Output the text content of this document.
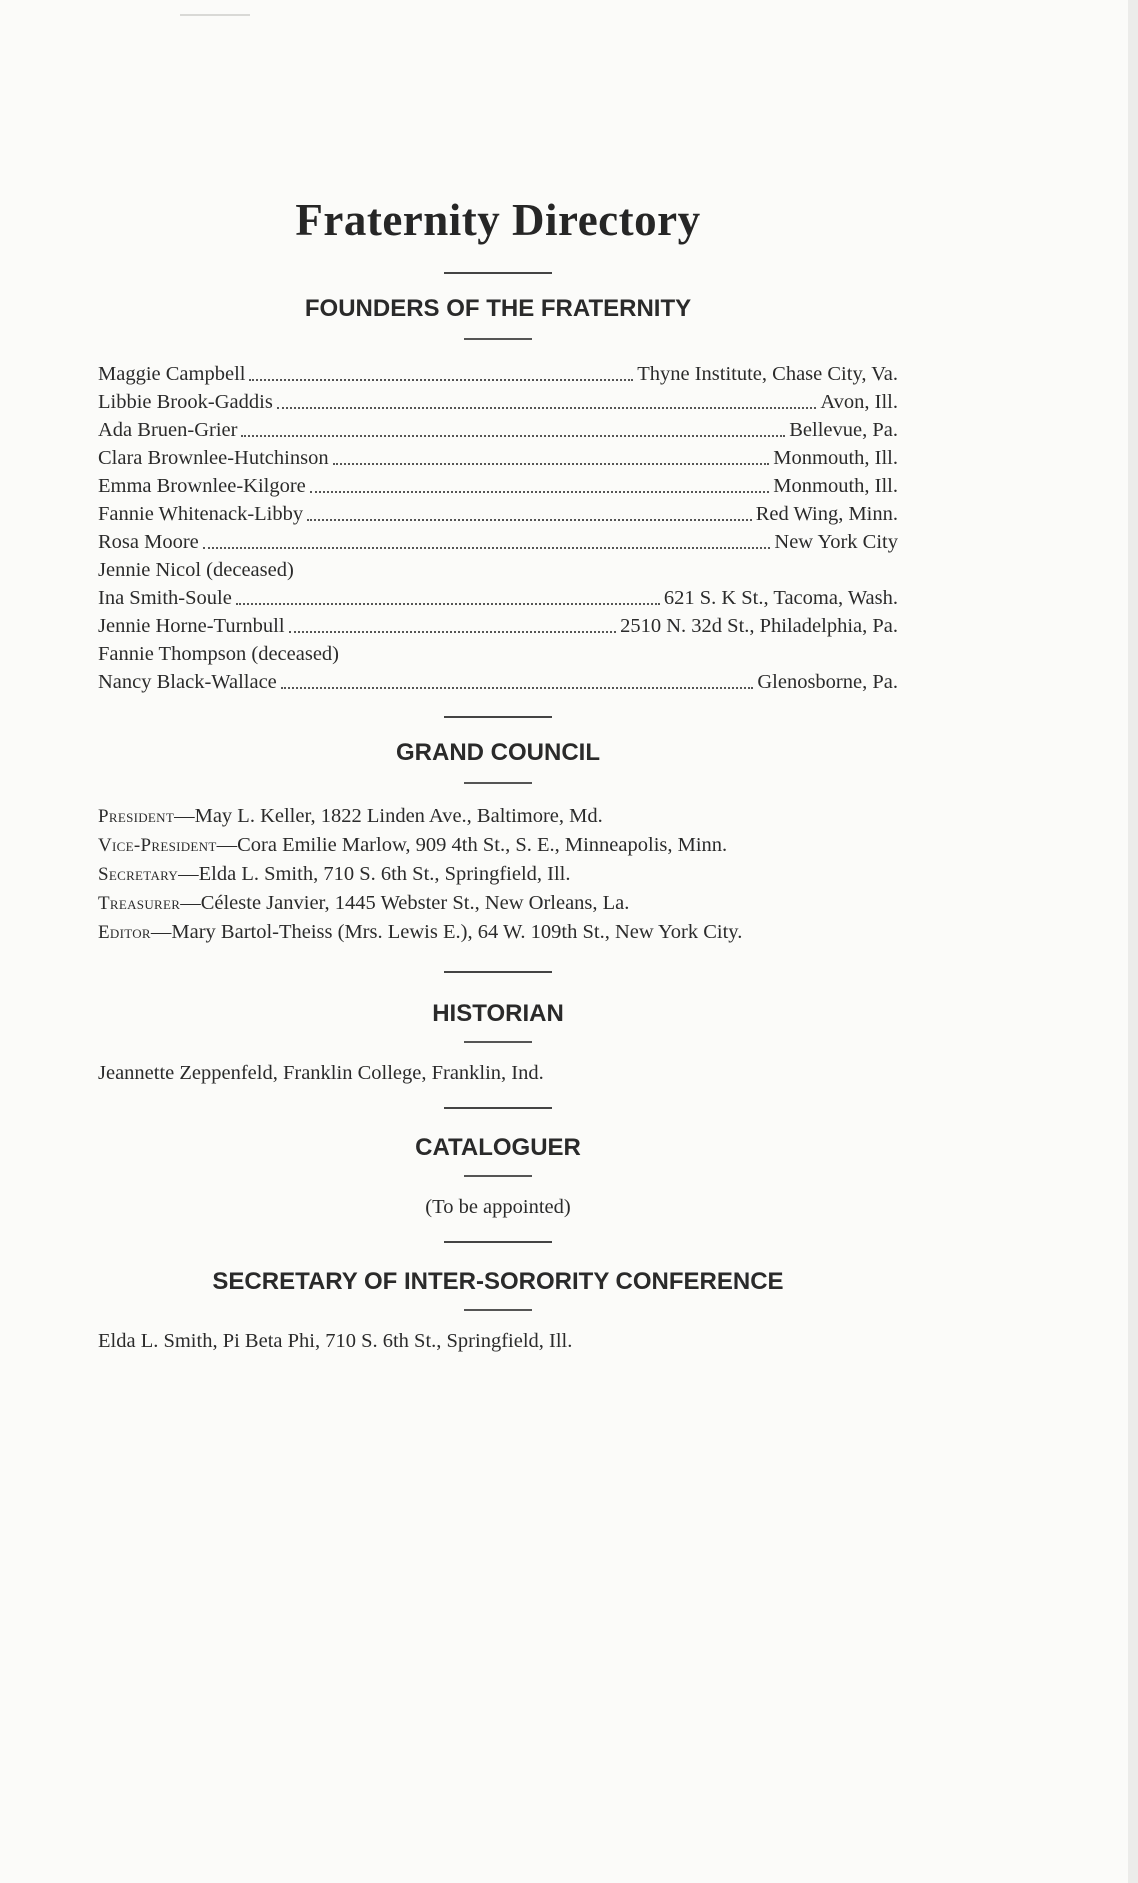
Fraternity Directory
FOUNDERS OF THE FRATERNITY
Maggie Campbell	Thyne Institute, Chase City, Va.
Libbie Brook-Gaddis	Avon, Ill.
Ada Bruen-Grier	Bellevue, Pa.
Clara Brownlee-Hutchinson	Monmouth, Ill.
Emma Brownlee-Kilgore	Monmouth, Ill.
Fannie Whitenack-Libby	Red Wing, Minn.
Rosa Moore	New York City
Jennie Nicol (deceased)
Ina Smith-Soule	621 S. K St., Tacoma, Wash.
Jennie Horne-Turnbull	2510 N. 32d St., Philadelphia, Pa.
Fannie Thompson (deceased)
Nancy Black-Wallace	Glenosborne, Pa.
GRAND COUNCIL
President—May L. Keller, 1822 Linden Ave., Baltimore, Md.
Vice-President—Cora Emilie Marlow, 909 4th St., S. E., Minneapolis, Minn.
Secretary—Elda L. Smith, 710 S. 6th St., Springfield, Ill.
Treasurer—Céleste Janvier, 1445 Webster St., New Orleans, La.
Editor—Mary Bartol-Theiss (Mrs. Lewis E.), 64 W. 109th St., New York City.
HISTORIAN

Jeannette Zeppenfeld, Franklin College, Franklin, Ind.

CATALOGUER

(To be appointed)

SECRETARY OF INTER-SORORITY CONFERENCE

Elda L. Smith, Pi Beta Phi, 710 S. 6th St., Springfield, Ill.
